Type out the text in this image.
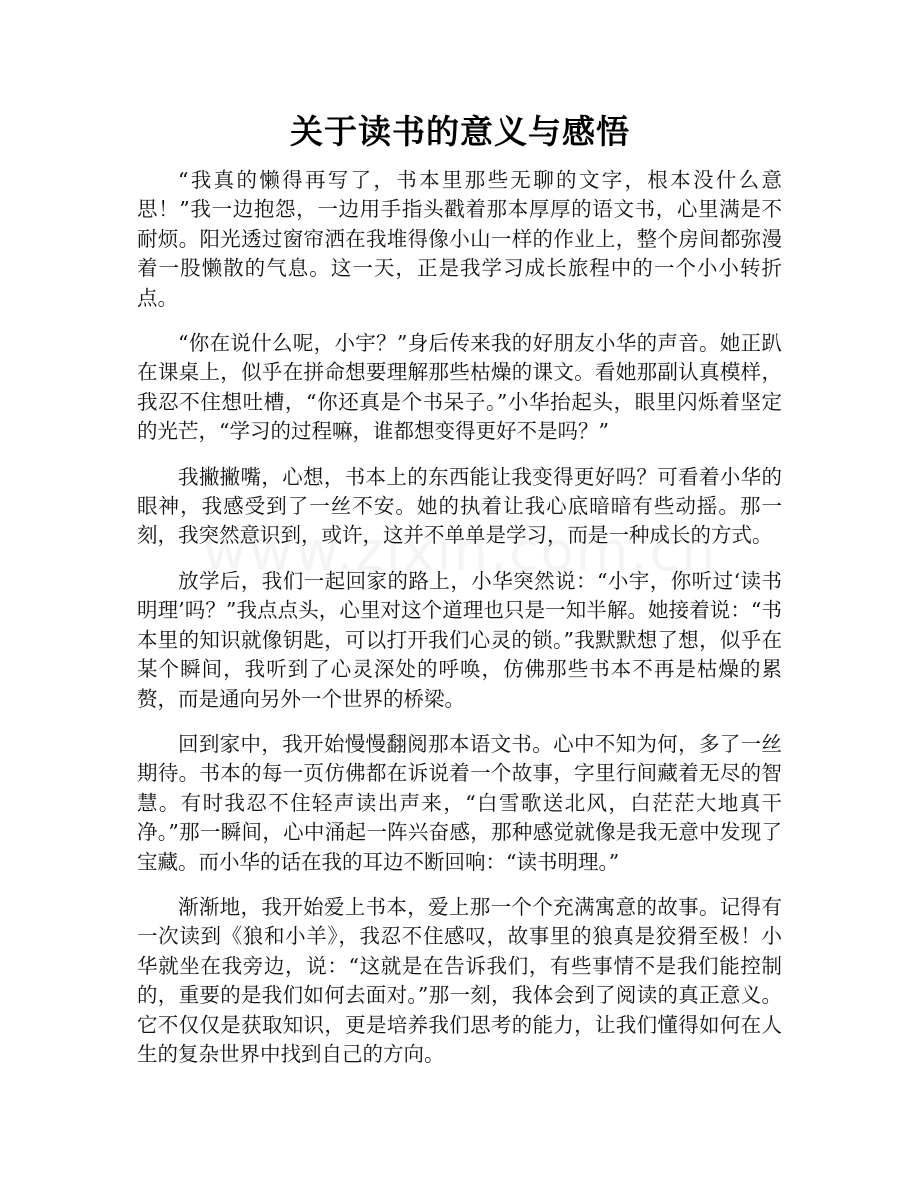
关于读书的意义与感悟

“我真的懒得再写了，书本里那些无聊的文字，根本没什么意思！”我一边抱怨，一边用手指头戳着那本厚厚的语文书，心里满是不耐烦。阳光透过窗帘洒在我堆得像小山一样的作业上，整个房间都弥漫着一股懒散的气息。这一天，正是我学习成长旅程中的一个小小转折点。

“你在说什么呢，小宇？”身后传来我的好朋友小华的声音。她正趴在课桌上，似乎在拼命想要理解那些枯燥的课文。看她那副认真模样，我忍不住想吐槽，“你还真是个书呆子。”小华抬起头，眼里闪烁着坚定的光芒，“学习的过程嘛，谁都想变得更好不是吗？”

我撇撇嘴，心想，书本上的东西能让我变得更好吗？可看着小华的眼神，我感受到了一丝不安。她的执着让我心底暗暗有些动摇。那一刻，我突然意识到，或许，这并不单单是学习，而是一种成长的方式。

放学后，我们一起回家的路上，小华突然说：“小宇，你听过‘读书明理’吗？”我点点头，心里对这个道理也只是一知半解。她接着说：“书本里的知识就像钥匙，可以打开我们心灵的锁。”我默默想了想，似乎在某个瞬间，我听到了心灵深处的呼唤，仿佛那些书本不再是枯燥的累赘，而是通向另外一个世界的桥梁。

回到家中，我开始慢慢翻阅那本语文书。心中不知为何，多了一丝期待。书本的每一页仿佛都在诉说着一个故事，字里行间藏着无尽的智慧。有时我忍不住轻声读出声来，“白雪歌送北风，白茫茫大地真干净。”那一瞬间，心中涌起一阵兴奋感，那种感觉就像是我无意中发现了宝藏。而小华的话在我的耳边不断回响：“读书明理。”

渐渐地，我开始爱上书本，爱上那一个个充满寓意的故事。记得有一次读到《狼和小羊》，我忍不住感叹，故事里的狼真是狡猾至极！小华就坐在我旁边，说：“这就是在告诉我们，有些事情不是我们能控制的，重要的是我们如何去面对。”那一刻，我体会到了阅读的真正意义。它不仅仅是获取知识，更是培养我们思考的能力，让我们懂得如何在人生的复杂世界中找到自己的方向。
